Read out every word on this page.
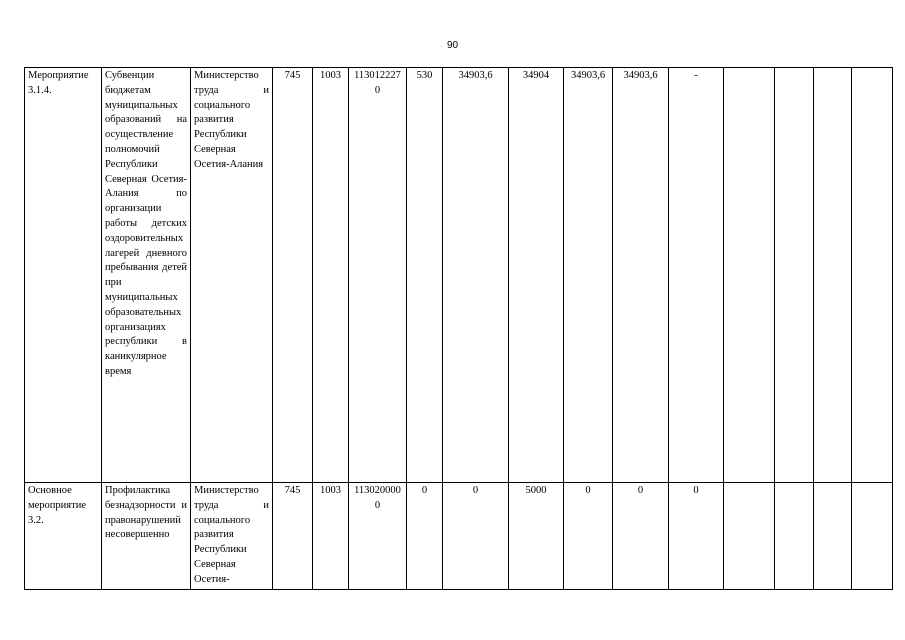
90
Мероприятие 3.1.4.	Субвенции бюджетам муниципальных образований на осуществление полномочий Республики Северная Осетия-Алания по организации работы детских оздоровительных лагерей дневного пребывания детей при муниципальных образовательных организациях республики в каникулярное время	Министерство труда и социального развития Республики Северная Осетия-Алания	745	1003	1130122270	530	34903,6	34904	34903,6	34903,6	-				
Основное мероприятие 3.2.	Профилактика безнадзорности и правонарушений несовершенно	Министерство труда и социального развития Республики Северная Осетия-	745	1003	1130200000	0	0	5000	0	0	0				
